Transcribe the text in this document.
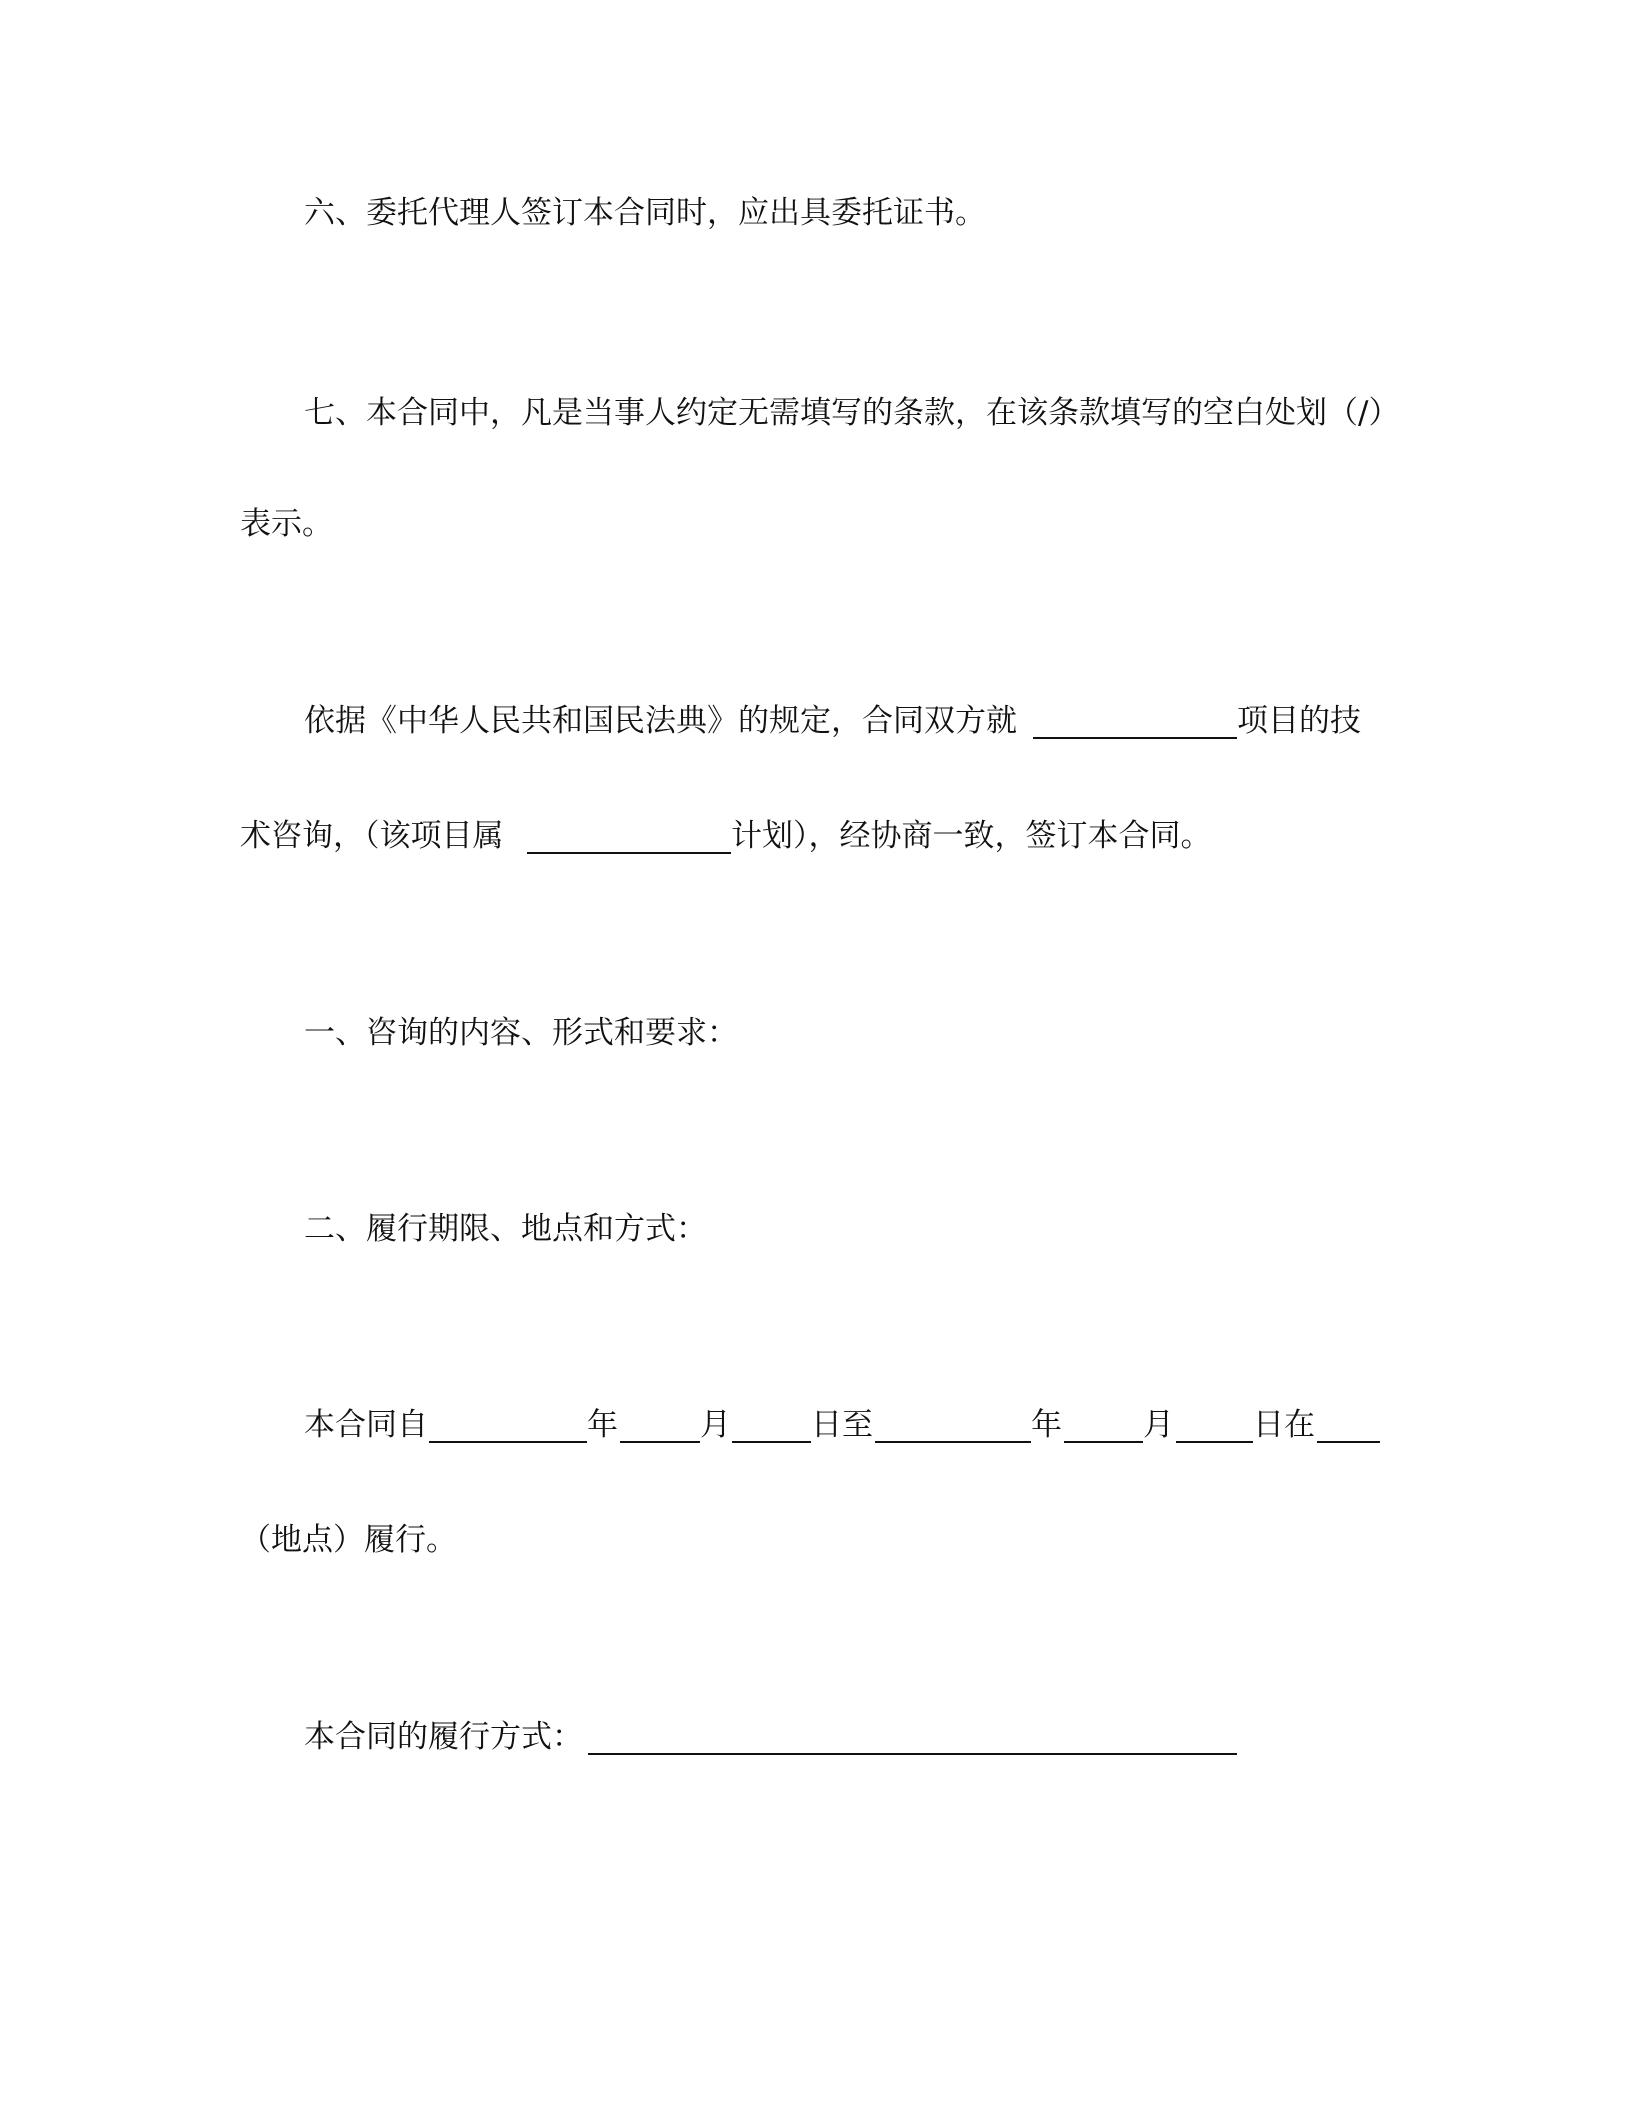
六、委托代理人签订本合同时，应出具委托证书。
七、本合同中，凡是当事人约定无需填写的条款，在该条款填写的空白处划（/）
表示。
依据《中华人民共和国民法典》的规定，合同双方就	项目的技
术咨询，（该项目属	计划），经协商一致，签订本合同。
一、咨询的内容、形式和要求：
二、履行期限、地点和方式：
本合同自	年	月	日至	年	月	日在
（地点）履行。
本合同的履行方式：
